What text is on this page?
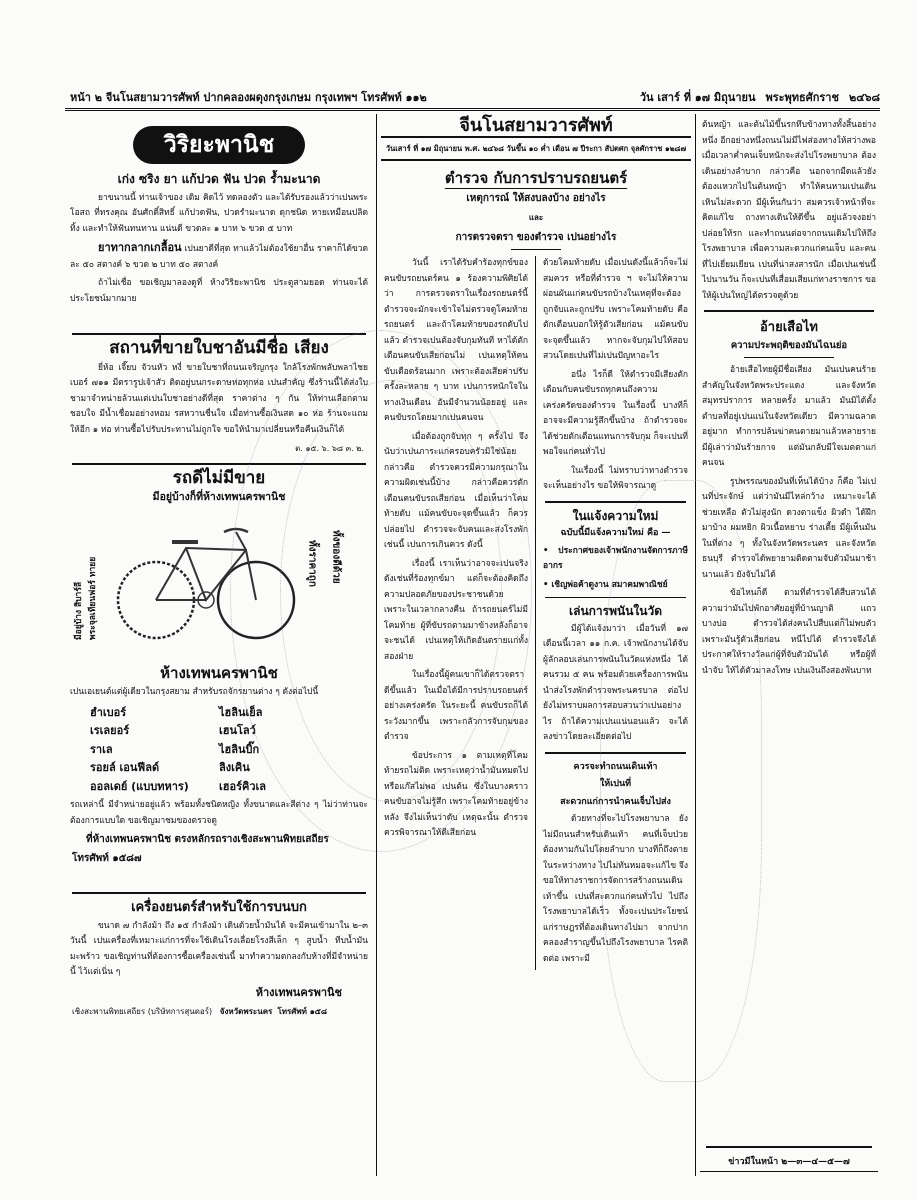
หน้า ๒ จีนโนสยามวารศัพท์ ปากคลองผดุงกรุงเกษม กรุงเทพฯ โทรศัพท์ ๑๑๒	วัน เสาร์ ที่ ๑๗ มิถุนายน พระพุทธศักราช ๒๔๖๘
วิริยะพานิช
เก่ง ซริง ยา แก้ปวด ฟัน ปวด ร้ำมะนาด

ยาขนานนี้ ท่านเจ้าของ เดิม คิดไว้ ทดลองตัว และได้รับรองแล้วว่าเปนพระโอสถ ที่ทรงคุณ อันศักดิ์สิทธิ์ แก้ปวดฟัน, ปวดรำมะนาด ดุกชนิด หายเหมือนปลิดทิ้ง และทำให้ฟันทนทาน แน่นดี ขวดละ ๑ บาท ๖ ขวด ๕ บาท

ยาทากลากเกลื้อน เปนยาดีที่สุด ทาแล้วไม่ต้องใช้ยาอื่น ราคาก็ได้ขวด ละ ๕๐ สตางค์ ๖ ขวด ๒ บาท ๕๐ สตางค์

ถ้าไม่เชื่อ ขอเชิญมาลองดูที่ ห้างวิริยะพานิช ประตูสามยอด ท่านจะได้ประโยชน์มากมาย

สถานที่ขายใบชาอันมีชื่อ เสียง

ยี่ห้อ เจี๊ยบ จัวนหัว หงี่ ขายใบชาที่ถนนเจริญกรุง ใกล้โรงพักพลับพลาไชย เบอร์ ๗๑๑ มีตรารูปเจ้าสัว ติดอยู่บนกระดาษห่อทุกห่อ เปนสำคัญ ซึ่งร้านนี้ได้ส่งใบชามาจำหน่ายล้วนแต่เปนใบชาอย่างดีที่สุด ราคาต่าง ๆ กัน ให้ท่านเลือกตามชอบใจ มีน้ำเชื่อมอย่างหอม รสหวานชื่นใจ เมื่อท่านซื้อเงินสด ๑๐ ห่อ ร้านจะแถมให้อีก ๑ ห่อ ท่านซื้อไปรับประทานไม่ถูกใจ ขอให้นำมาเปลี่ยนหรือคืนเงินก็ได้

ต. ๑๕. ๖. ๖๘ ๓. ๒.
รถดีไม่มีขาย
มีอยู่บ้างก็ที่ห้างเทพนครพานิช
มีอยู่บ้าง สิบาร์ลี พระจุลเทียนฟอร์ ทายย	ทั้งราคาถูก ทั้งของดีด้วย
ห้างเทพนครพานิช

เปนเอเยนต์แต่ผู้เดียวในกรุงสยาม สำหรับรถจักรยานต่าง ๆ ดังต่อไปนี้

ฮำเบอร์	ไฮลินเย็ล
เรเลยอร์	เฮนโลว์
ราเล	ไฮลินบิ๊ก
รอยล์ เอนฟีลด์	ลิงเคิน
ออลเดย์ (แบบทหาร)	เฮอร์คิวเล

รถเหล่านี้ มีจำหน่ายอยู่แล้ว พร้อมทั้งชนิดหญิง ทั้งขนาดและสีต่าง ๆ ไม่ว่าท่านจะต้องการแบบใด ขอเชิญมาชมของตรวจดู

ที่ห้างเทพนครพานิช ตรงหลักรถรางเชิงสะพานพิทยเสถียร
โทรศัพท์ ๑๕๘๗
เครื่องยนตร์สำหรับใช้การบนบก

ขนาด ๗ กำลังม้า ถึง ๑๕ กำลังม้า เดินด้วยน้ำมันได้ จะมีคนเข้ามาใน ๒–๓ วันนี้ เปนเครื่องที่เหมาะแก่การที่จะใช้เดินโรงเลื่อยโรงสีเล็ก ๆ สูบน้ำ ทีบน้ำมันมะพร้าว ขอเชิญท่านที่ต้องการซื้อเครื่องเช่นนี้ มาทำความตกลงกับห้างที่มีจำหน่ายนี้ ไว้แต่เนิ่น ๆ

ห้างเทพนครพานิช
เชิงสะพานพิทยเสถียร (บริษัทการสุนดอร์) จังหวัดพระนคร โทรศัพท์ ๑๕๘
จีนโนสยามวารศัพท์
วันเสาร์ ที่ ๑๗ มิถุนายน พ.ศ. ๒๔๖๘ วันขึ้น ๑๐ ค่ำ เดือน ๗ ปีระกา สัปตศก จุลศักราช ๑๒๘๗
ตำรวจ กับการปราบรถยนตร์
เหตุการณ์ ให้สงบลงบ้าง อย่างไร
และ
การตรวจตรา ของตำรวจ เปนอย่างไร

วันนี้ เราได้รับคำร้องทุกข์ของคนขับรถยนตร์คน ๑ ร้องความพิศิยได้ว่า การตรวจตราในเรื่องรถยนตร์นี้ ตำรวจจะมักจะเข้าใจไม่ตรวจดูโคมท้ายรถยนตร์ และถ้าโคมท้ายของรถดับไปแล้ว ตำรวจเปนต้องจับกุมทันที หาได้ตักเตือนคนขับเสียก่อนไม่ เปนเหตุให้คนขับเดือดร้อนมาก เพราะต้องเสียค่าปรับครั้งละหลาย ๆ บาท เปนการหนักใจในทางเงินเดือน อันมีจำนวนน้อยอยู่ และคนขับรถโดยมากเปนคนจน

เมื่อต้องถูกจับทุก ๆ ครั้งไป จึงนับว่าเปนภาระแก่ครอบครัวมิใช่น้อย กล่าวคือ ตำรวจควรมีความกรุณาในความผิดเช่นนี้บ้าง กล่าวคือควรตักเตือนคนขับรถเสียก่อน เมื่อเห็นว่าโคมท้ายดับ แม้คนขับจะจุดขึ้นแล้ว ก็ควรปล่อยไป ตำรวจจะจับคนและส่งโรงพักเช่นนี้ เปนการเกินควร ดังนี้

เรื่องนี้ เราเห็นว่าอาจจะเปนจริงดังเช่นที่ร้องทุกข์มา แต่ก็จะต้องคิดถึงความปลอดภัยของประชาชนด้วย เพราะในเวลากลางคืน ถ้ารถยนตร์ไม่มีโคมท้าย ผู้ที่ขับรถตามมาข้างหลังก็อาจจะชนได้ เปนเหตุให้เกิดอันตรายแก่ทั้งสองฝ่าย

ในเรื่องนี้ผู้คนเขาก็ได้ตรวจตราดีขึ้นแล้ว ในเมื่อได้มีการปราบรถยนตร์อย่างเคร่งครัด ในระยะนี้ คนขับรถก็ได้ระวังมากขึ้น เพราะกลัวการจับกุมของตำรวจ

ข้อประการ ๑ ตามเหตุที่โคมท้ายรถไม่ติด เพราะเหตุว่าน้ำมันหมดไป หรือแก๊สไม่พอ เปนต้น ซึ่งในบางคราวคนขับอาจไม่รู้สึก เพราะโคมท้ายอยู่ข้างหลัง จึงไม่เห็นว่าดับ เหตุฉะนั้น ตำรวจควรพิจารณาให้ดีเสียก่อน

ด้วยโคมท้ายดับ เมื่อเปนดังนี้แล้วก็จะไม่สมควร หรือที่ตำรวจ ฯ จะไม่ให้ความผ่อนผันแก่คนขับรถบ้างในเหตุที่จะต้องถูกจับและถูกปรับ เพราะโคมท้ายดับ คือ ตักเตือนบอกให้รู้ตัวเสียก่อน แม้คนขับจะจุดขึ้นแล้ว หากจะจับกุมไปให้สอบสวนโดยเปนที่ไม่เปนปัญหาอะไร

อนึ่ง ไรก็ดี ให้ตำรวจมีเสียงตักเตือนกับคนขับรถทุกคนถึงความเคร่งครัดของตำรวจ ในเรื่องนี้ บางทีก็อาจจะมีความรู้สึกขึ้นบ้าง ถ้าตำรวจจะได้ช่วยตักเตือนแทนการจับกุม ก็จะเปนที่พอใจแก่คนทั่วไป

ในเรื่องนี้ ไม่ทราบว่าทางตำรวจจะเห็นอย่างไร ขอให้พิจารณาดู

ในแจ้งความใหม่
ฉบับนี้มีแจ้งความใหม่ คือ —
• ประกาศของเจ้าพนักงานจัดการภาษีอากร
• เชิญพ่อค้าดูงาน สมาคมพาณิชย์
เล่นการพนันในวัด

มีผู้ได้แจ้งมาว่า เมื่อวันที่ ๑๗ เดือนนี้เวลา ๑๑ ก.ค. เจ้าพนักงานได้จับผู้ลักลอบเล่นการพนันในวัดแห่งหนึ่ง ได้คนรวม ๕ คน พร้อมด้วยเครื่องการพนัน นำส่งโรงพักตำรวจพระนครบาล ต่อไป ยังไม่ทราบผลการสอบสวนว่าเปนอย่างไร ถ้าได้ความเปนแน่นอนแล้ว จะได้ลงข่าวโดยละเอียดต่อไป

ควรจะทำถนนเดินเท้า
ให้เปนที่
สะดวกแก่การนำคนเจ็บไปส่ง

ด้วยทางที่จะไปโรงพยาบาล ยังไม่มีถนนสำหรับเดินเท้า คนที่เจ็บป่วยต้องหามกันไปโดยลำบาก บางทีก็ถึงตายในระหว่างทาง ไปไม่ทันหมอจะแก้ไข จึงขอให้ทางราชการจัดการสร้างถนนเดินเท้าขึ้น เปนที่สะดวกแก่คนทั่วไป ไปถึงโรงพยาบาลได้เร็ว ทั้งจะเปนประโยชน์แก่ราษฎรที่ต้องเดินทางไปมา จากปากคลองสำราญขึ้นไปถึงโรงพยาบาล ไรคติดต่อ เพราะมี

ต้นหญ้า และต้นไม้ขึ้นรกทึบข้างทางทั้งสิ้นอย่างหนึ่ง อีกอย่างหนึ่งถนนไม่มีไฟส่องทางให้สว่างพอ เมื่อเวลาค่ำคนเจ็บหนักจะส่งไปโรงพยาบาล ต้องเดินอย่างลำบาก กล่าวคือ นอกจากมืดแล้วยังต้องแหวกไปในต้นหญ้า ทำให้คนหามเปนเดินเหินไม่สะดวก มีผู้เห็นกันว่า สมควรเจ้าหน้าที่จะคิดแก้ไข ถางทางเดินให้ดีขึ้น อยู่แล้วจงอย่าปล่อยให้รก และทำถนนต่อจากถนนเดิมไปให้ถึงโรงพยาบาล เพื่อความสะดวกแก่คนเจ็บ และคนที่ไปเยี่ยมเยียน เปนที่น่าสงสารนัก เมื่อเปนเช่นนี้ไปนานวัน ก็จะเปนที่เสื่อมเสียแก่ทางราชการ ขอให้ผู้เปนใหญ่ได้ตรวจดูด้วย

อ้ายเสือไท
ความประพฤติของมันไฉนย่อ

อ้ายเสือไทยผู้มีชื่อเสียง มันเปนคนร้ายสำคัญในจังหวัดพระประแดง และจังหวัดสมุทรปราการ หลายครั้ง มาแล้ว มันมิได้ตั้งตำบลที่อยู่เปนแน่ในจังหวัดเดียว มีความฉลาดอยู่มาก ทำการปล้นฆ่าคนตายมาแล้วหลายราย มีผู้เล่าว่ามันร้ายกาจ แต่มันกลับมีใจเมตตาแก่คนจน

รูปพรรณของมันที่เห็นได้บ้าง ก็คือ ไม่เปนที่ประจักษ์ แต่ว่ามันมีไหล่กว้าง เหมาะจะได้ช่วยเหลือ ตัวไม่สูงนัก ดวงตาแข็ง ผิวดำ ได้ฝึกมาบ้าง ผมหยิก ผิวเนื้อหยาบ ร่างเตี้ย มีผู้เห็นมันในที่ต่าง ๆ ทั้งในจังหวัดพระนคร และจังหวัดธนบุรี ตำรวจได้พยายามติดตามจับตัวมันมาช้านานแล้ว ยังจับไม่ได้

ข้อไหนก็ดี ตามที่ตำรวจได้สืบสวนได้ความว่ามันไปพักอาศัยอยู่ที่บ้านญาติ แถวบางบ่อ ตำรวจได้ส่งคนไปสืบแต่ก็ไม่พบตัว เพราะมันรู้ตัวเสียก่อน หนีไปได้ ตำรวจจึงได้ประกาศให้รางวัลแก่ผู้ที่จับตัวมันได้ หรือผู้ที่นำจับ ให้ได้ตัวมาลงโทษ เปนเงินถึงสองพันบาท

ข่าวมีในหน้า ๒—๓—๔—๕—๗
